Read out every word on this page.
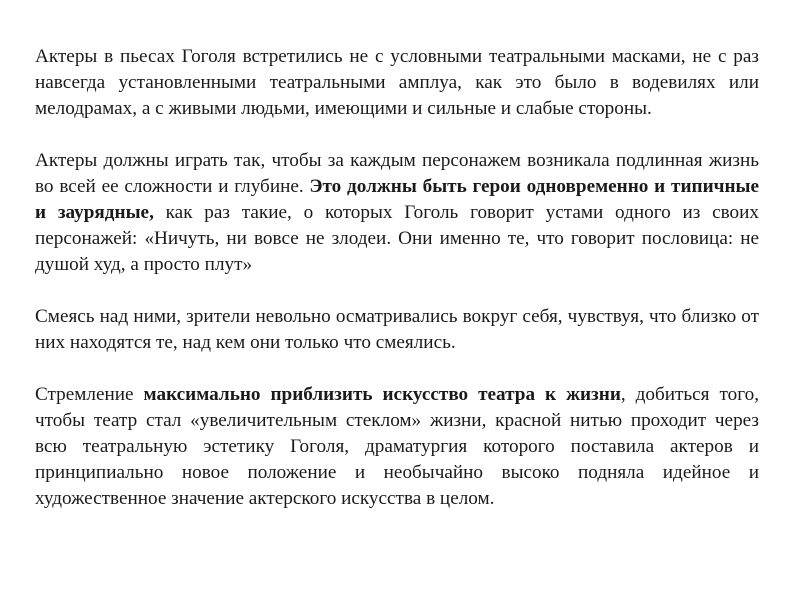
Актеры в пьесах Гоголя встретились не с условными театральными масками, не с раз навсегда установленными театральными амплуа, как это было в водевилях или мелодрамах, а с живыми людьми, имеющими и сильные и слабые стороны.

Актеры должны играть так, чтобы за каждым персонажем возникала подлинная жизнь во всей ее сложности и глубине. Это должны быть герои одновременно и типичные и заурядные, как раз такие, о которых Гоголь говорит устами одного из своих персонажей: «Ничуть, ни вовсе не злодеи. Они именно те, что говорит пословица: не душой худ, а просто плут»

Смеясь над ними, зрители невольно осматривались вокруг себя, чувствуя, что близко от них находятся те, над кем они только что смеялись.

Стремление максимально приблизить искусство театра к жизни, добиться того, чтобы театр стал «увеличительным стеклом» жизни, красной нитью проходит через всю театральную эстетику Гоголя, драматургия которого поставила актеров и принципиально новое положение и необычайно высоко подняла идейное и художественное значение актерского искусства в целом.
